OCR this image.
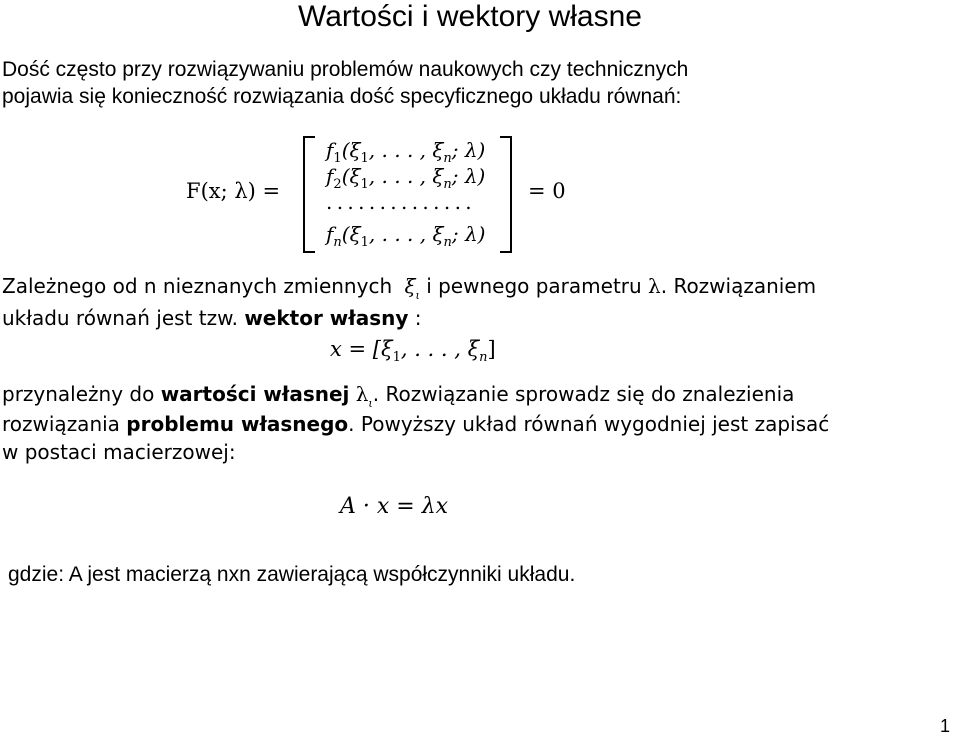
Wartości i wektory własne
Dość często przy rozwiązywaniu problemów naukowych czy technicznych
pojawia się konieczność rozwiązania dość specyficznego układu równań:
F(x; λ) =
$f_1(\xi_1$, . . . , $\xi_n$; λ)
$f_2(\xi_1$, . . . , $\xi_n$; λ)
. . . . . . . . . . . . . .
$f_n(\xi_1$, . . . , $\xi_n$; λ)
= 0
Zależnego od n nieznanych zmiennych $\xi_\iota$ i pewnego parametru λ. Rozwiązaniem
układu równań jest tzw. wektor własny :
$x = [\xi_1$, . . . , $\xi_n$]
przynależny do wartości własnej $\lambda_\iota$. Rozwiązanie sprowadz się do znalezienia
rozwiązania problemu własnego. Powyższy układ równań wygodniej jest zapisać
w postaci macierzowej:
A · x = λx
gdzie: A jest macierzą nxn zawierającą współczynniki układu.
1
